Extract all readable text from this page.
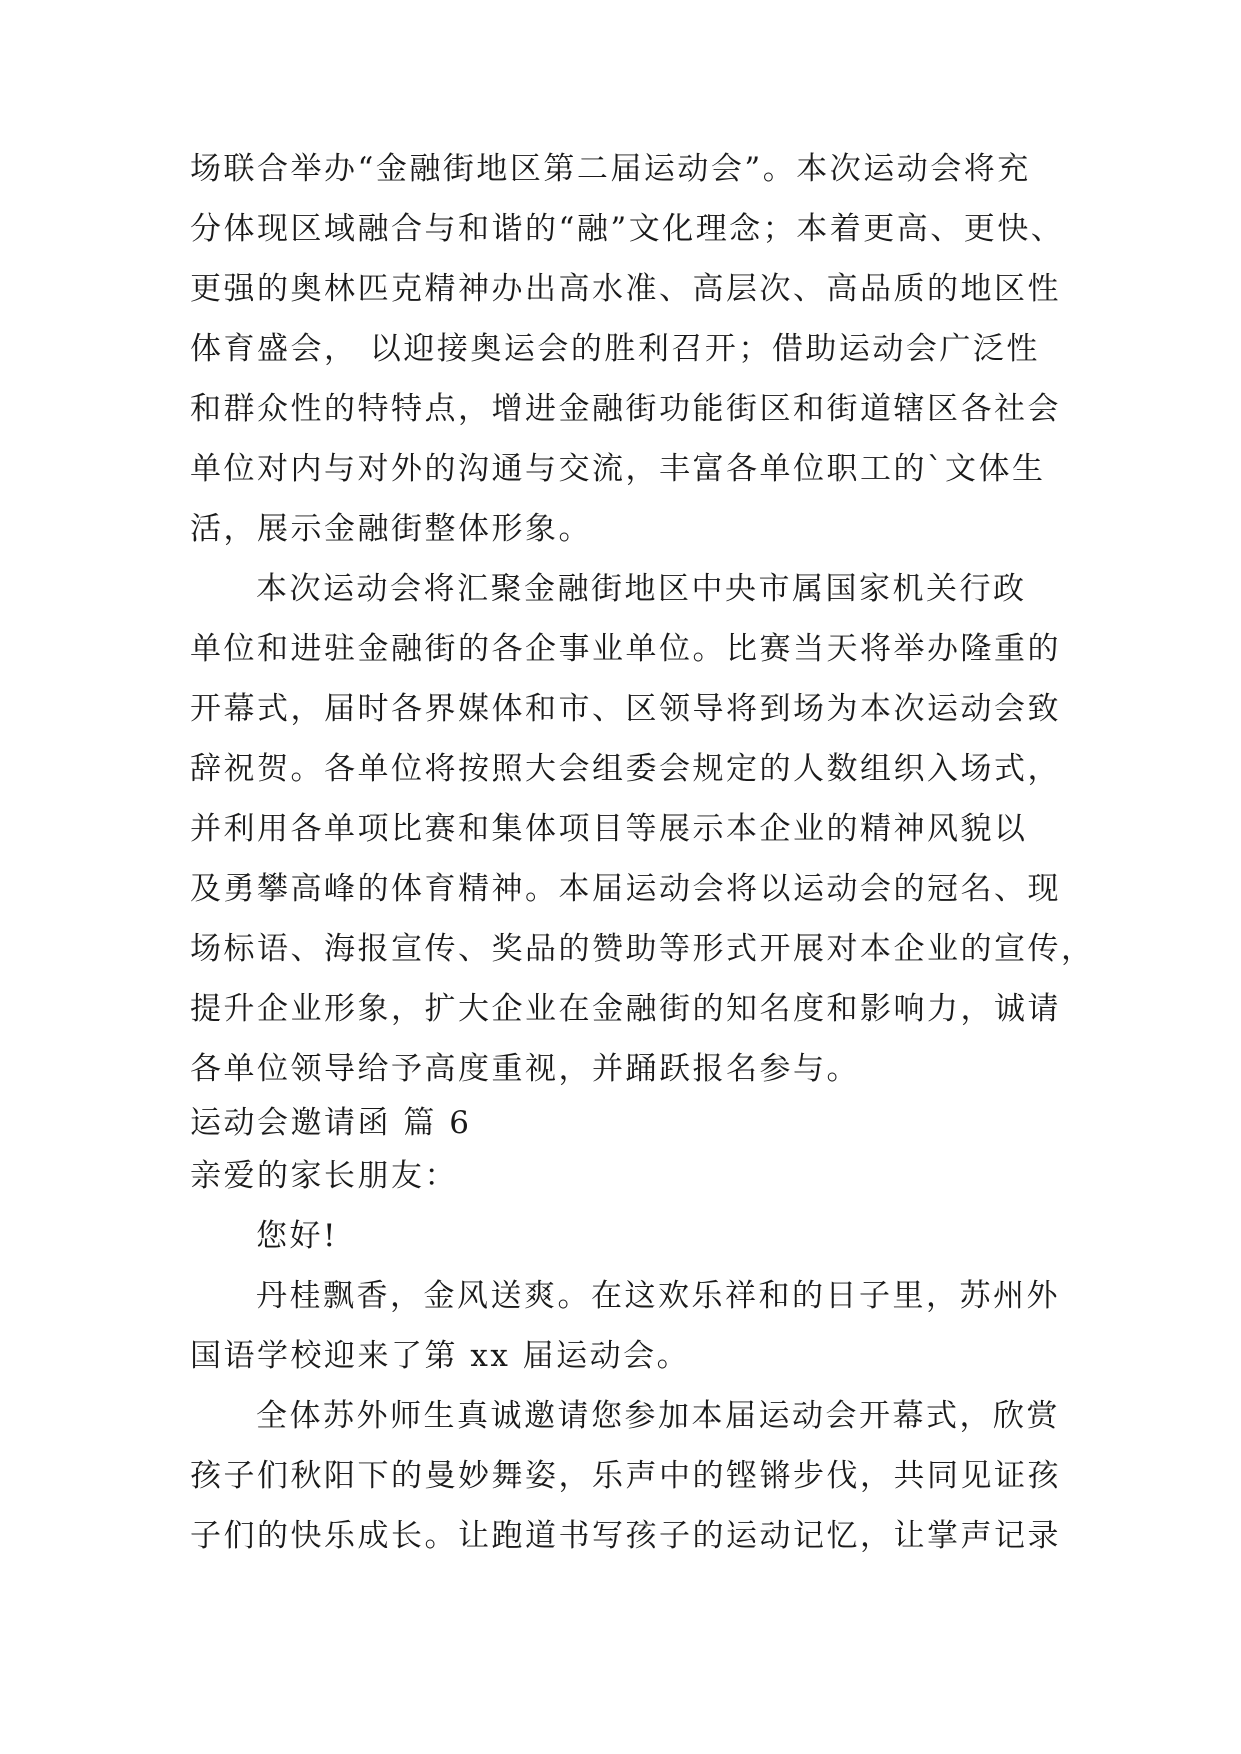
场联合举办“金融街地区第二届运动会”。本次运动会将充
分体现区域融合与和谐的“融”文化理念；本着更高、更快、
更强的奥林匹克精神办出高水准、高层次、高品质的地区性
体育盛会， 以迎接奥运会的胜利召开；借助运动会广泛性
和群众性的特特点，增进金融街功能街区和街道辖区各社会
单位对内与对外的沟通与交流，丰富各单位职工的`文体生
活，展示金融街整体形象。
本次运动会将汇聚金融街地区中央市属国家机关行政
单位和进驻金融街的各企事业单位。比赛当天将举办隆重的
开幕式，届时各界媒体和市、区领导将到场为本次运动会致
辞祝贺。各单位将按照大会组委会规定的人数组织入场式，
并利用各单项比赛和集体项目等展示本企业的精神风貌以
及勇攀高峰的体育精神。本届运动会将以运动会的冠名、现
场标语、海报宣传、奖品的赞助等形式开展对本企业的宣传，
提升企业形象，扩大企业在金融街的知名度和影响力，诚请
各单位领导给予高度重视，并踊跃报名参与。
运动会邀请函 篇 6
亲爱的家长朋友：
您好!
丹桂飘香，金风送爽。在这欢乐祥和的日子里，苏州外
国语学校迎来了第 xx 届运动会。
全体苏外师生真诚邀请您参加本届运动会开幕式，欣赏
孩子们秋阳下的曼妙舞姿，乐声中的铿锵步伐，共同见证孩
子们的快乐成长。让跑道书写孩子的运动记忆，让掌声记录
